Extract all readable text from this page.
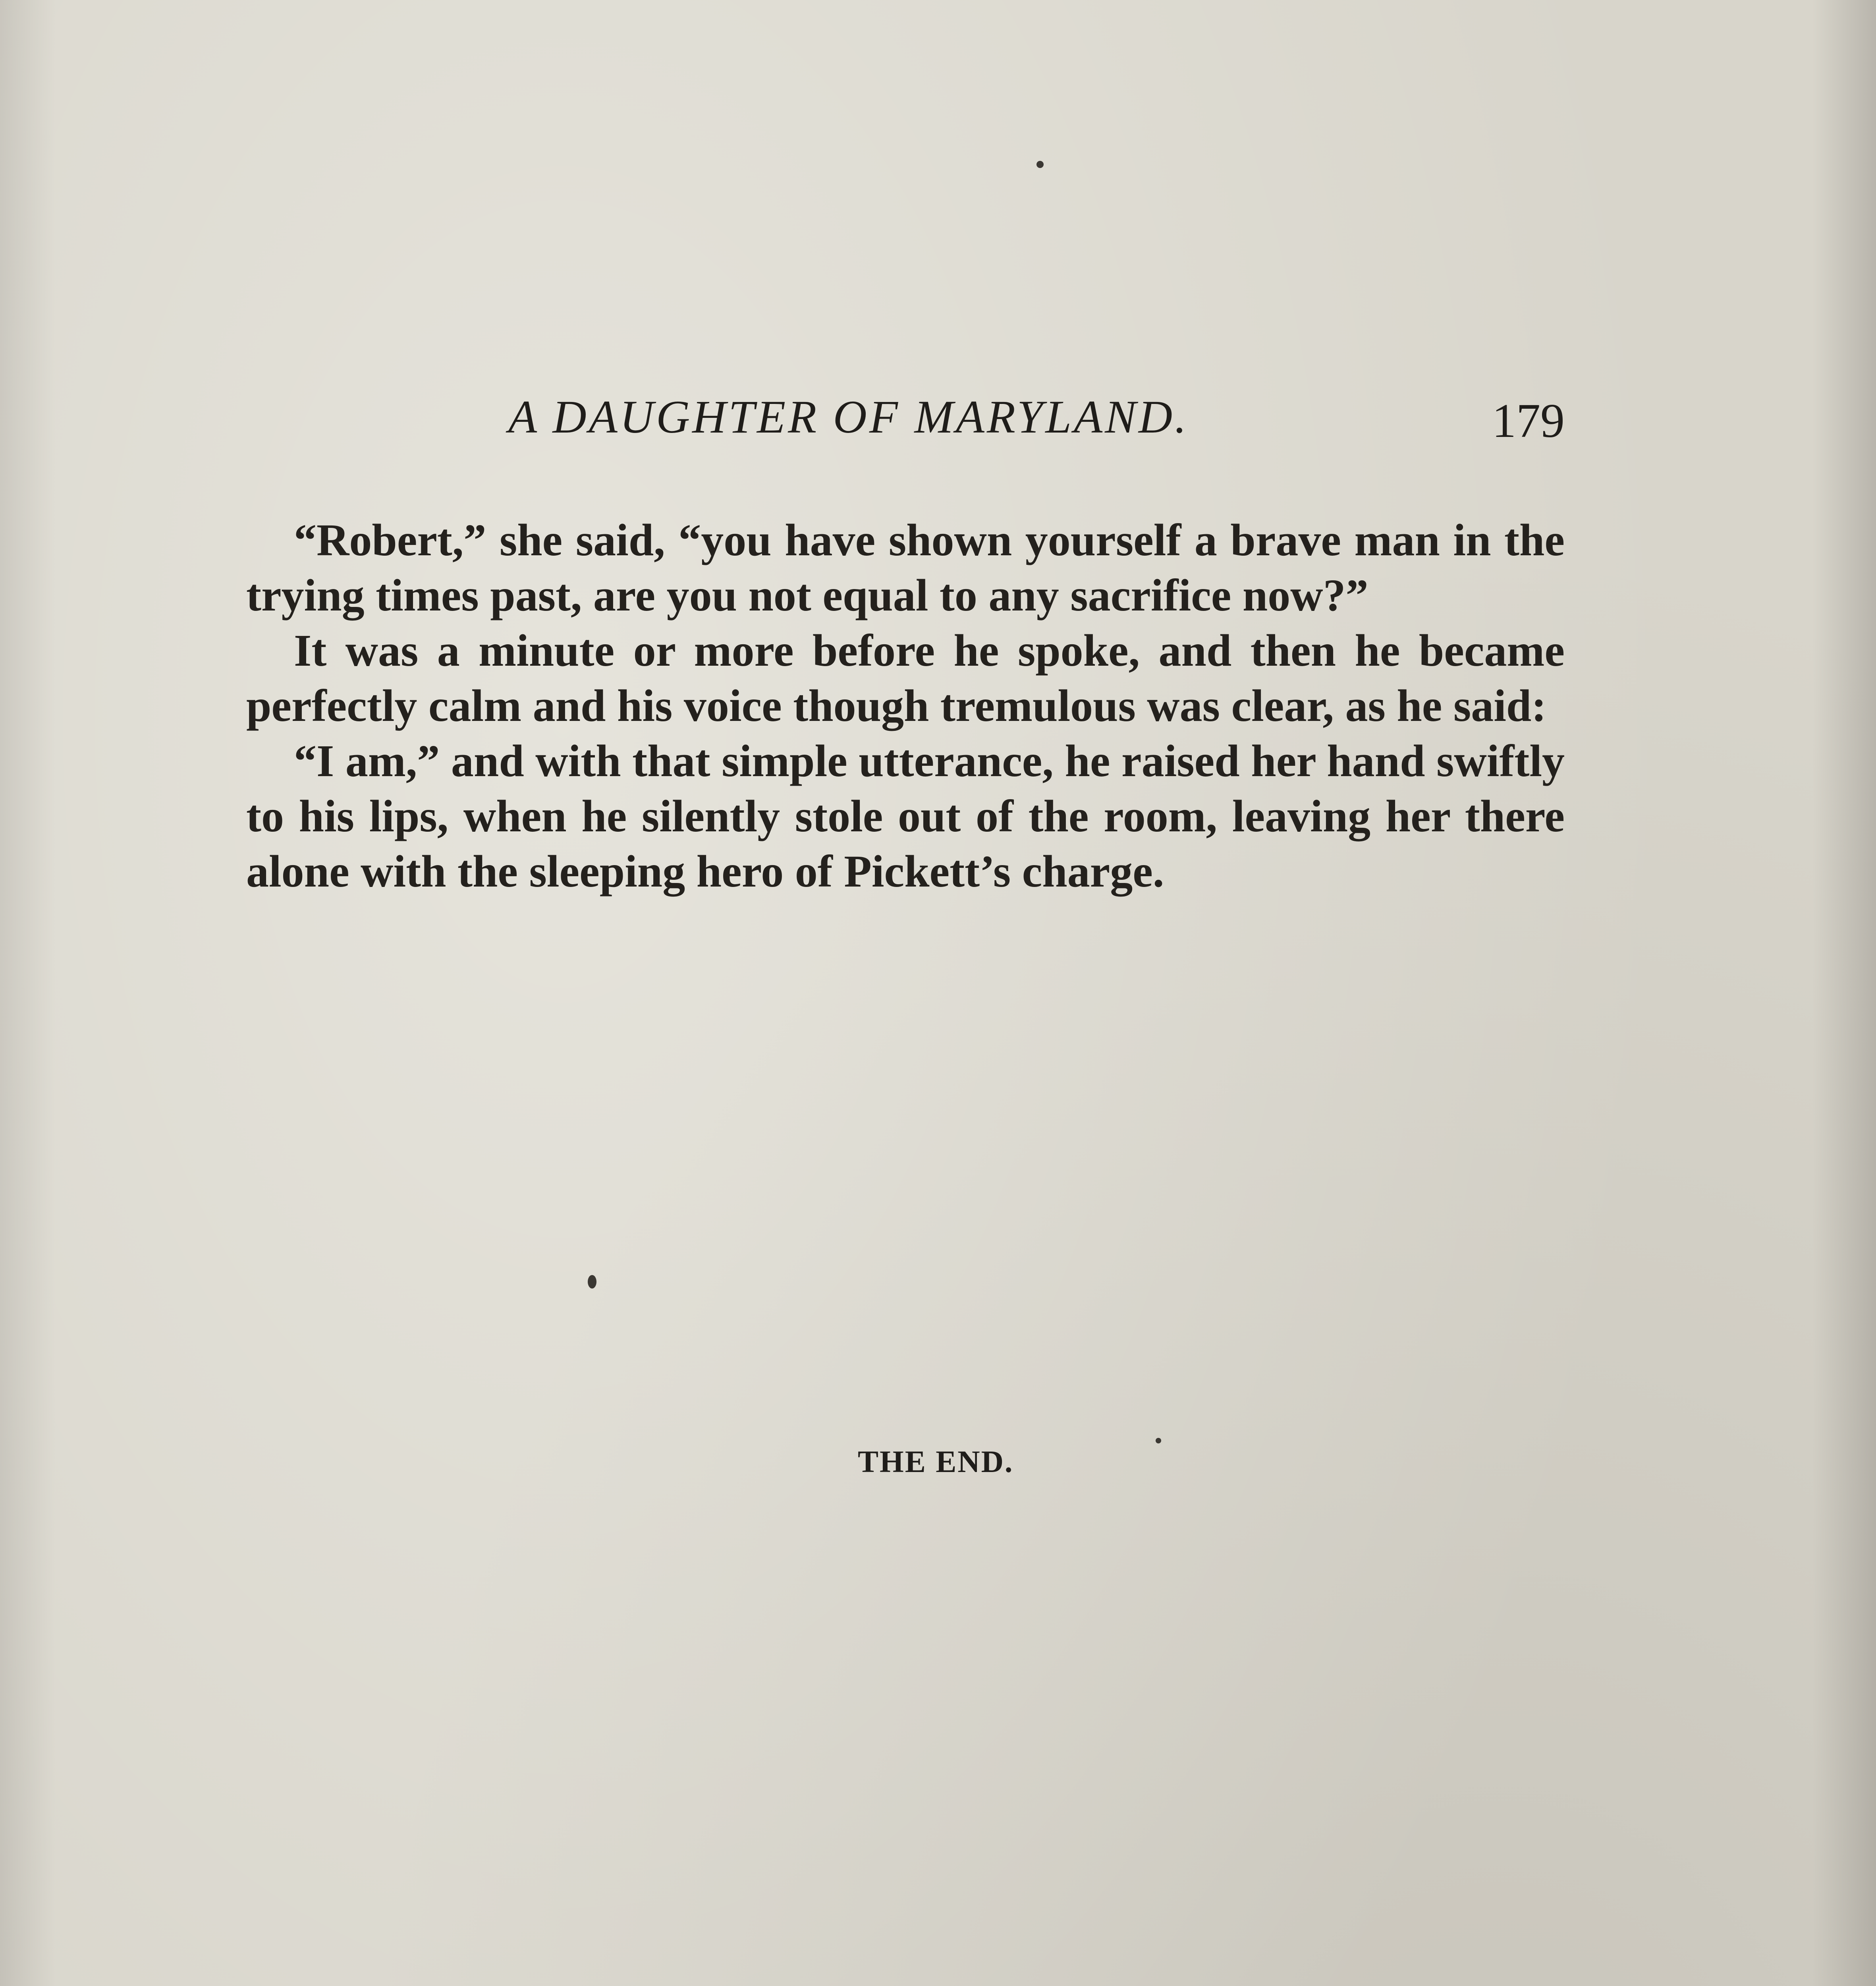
A DAUGHTER OF MARYLAND.	179

“Robert,” she said, “you have shown yourself a brave man in the trying times past, are you not equal to any sacrifice now?”

It was a minute or more before he spoke, and then he became perfectly calm and his voice though tremulous was clear, as he said:

“I am,” and with that simple utterance, he raised her hand swiftly to his lips, when he silently stole out of the room, leaving her there alone with the sleeping hero of Pickett’s charge.

THE END.
